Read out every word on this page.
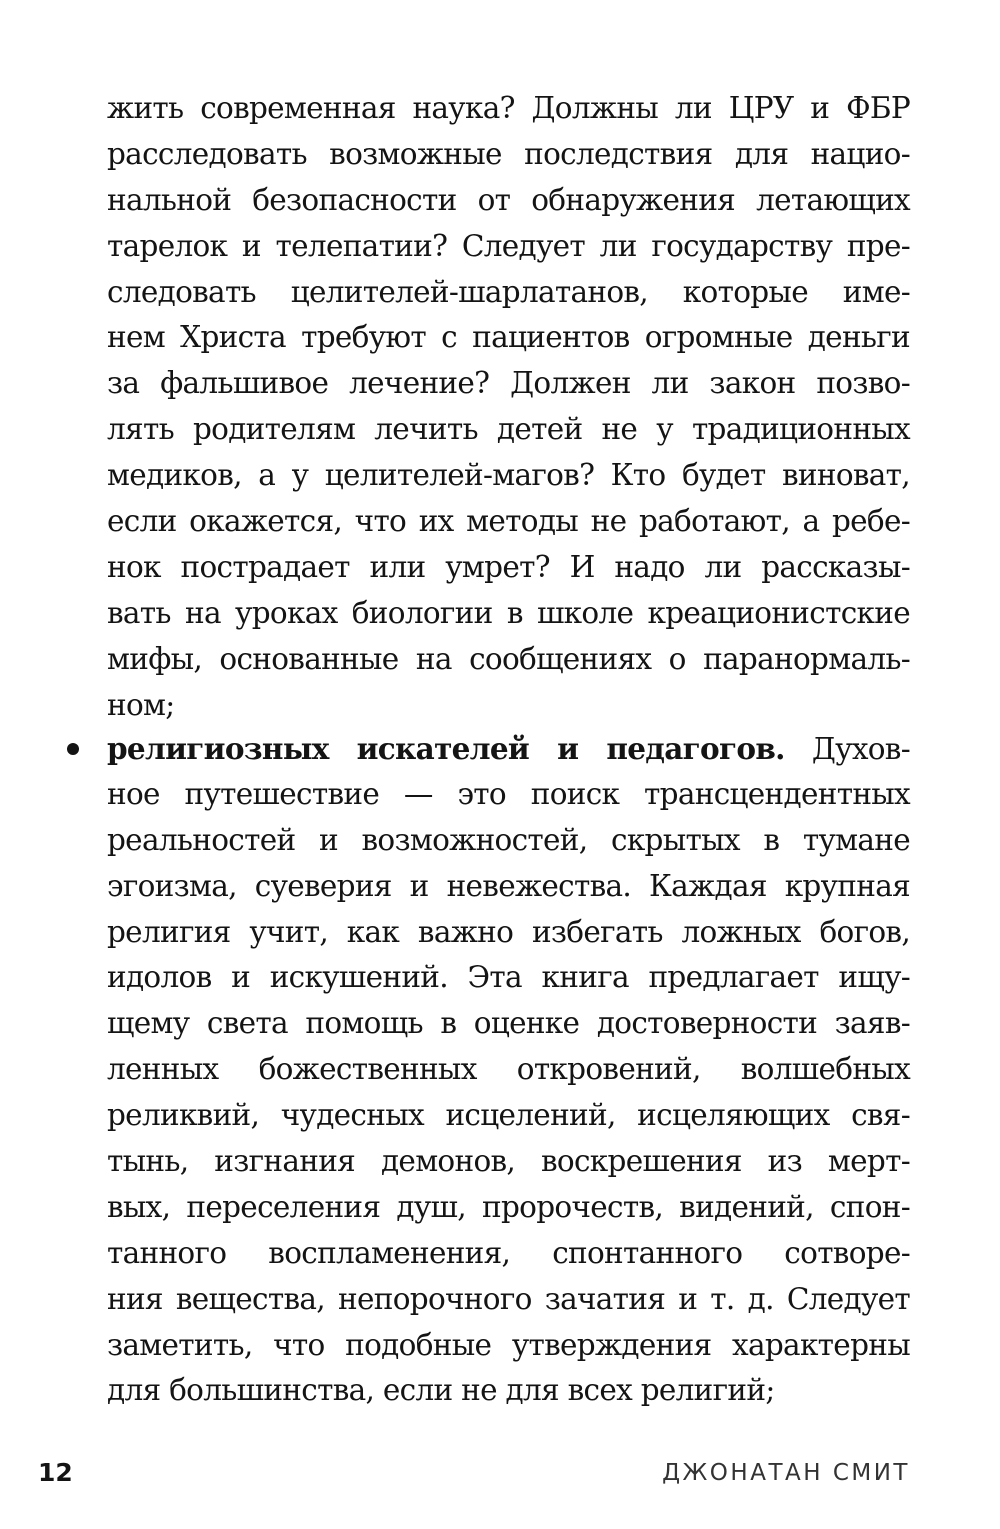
жить современная наука? Должны ли ЦРУ и ФБР
расследовать возможные последствия для нацио-
нальной безопасности от обнаружения летающих
тарелок и телепатии? Следует ли государству пре-
следовать целителей-шарлатанов, которые име-
нем Христа требуют с пациентов огромные деньги
за фальшивое лечение? Должен ли закон позво-
лять родителям лечить детей не у традиционных
медиков, а у целителей-магов? Кто будет виноват,
если окажется, что их методы не работают, а ребе-
нок пострадает или умрет? И надо ли рассказы-
вать на уроках биологии в школе креационистские
мифы, основанные на сообщениях о паранормаль-
ном;
религиозных искателей и педагогов. Духов-
ное путешествие — это поиск трансцендентных
реальностей и возможностей, скрытых в тумане
эгоизма, суеверия и невежества. Каждая крупная
религия учит, как важно избегать ложных богов,
идолов и искушений. Эта книга предлагает ищу-
щему света помощь в оценке достоверности заяв-
ленных божественных откровений, волшебных
реликвий, чудесных исцелений, исцеляющих свя-
тынь, изгнания демонов, воскрешения из мерт-
вых, переселения душ, пророчеств, видений, спон-
танного воспламенения, спонтанного сотворе-
ния вещества, непорочного зачатия и т. д. Следует
заметить, что подобные утверждения характерны
для большинства, если не для всех религий;
12	ДЖОНАТАН СМИТ
